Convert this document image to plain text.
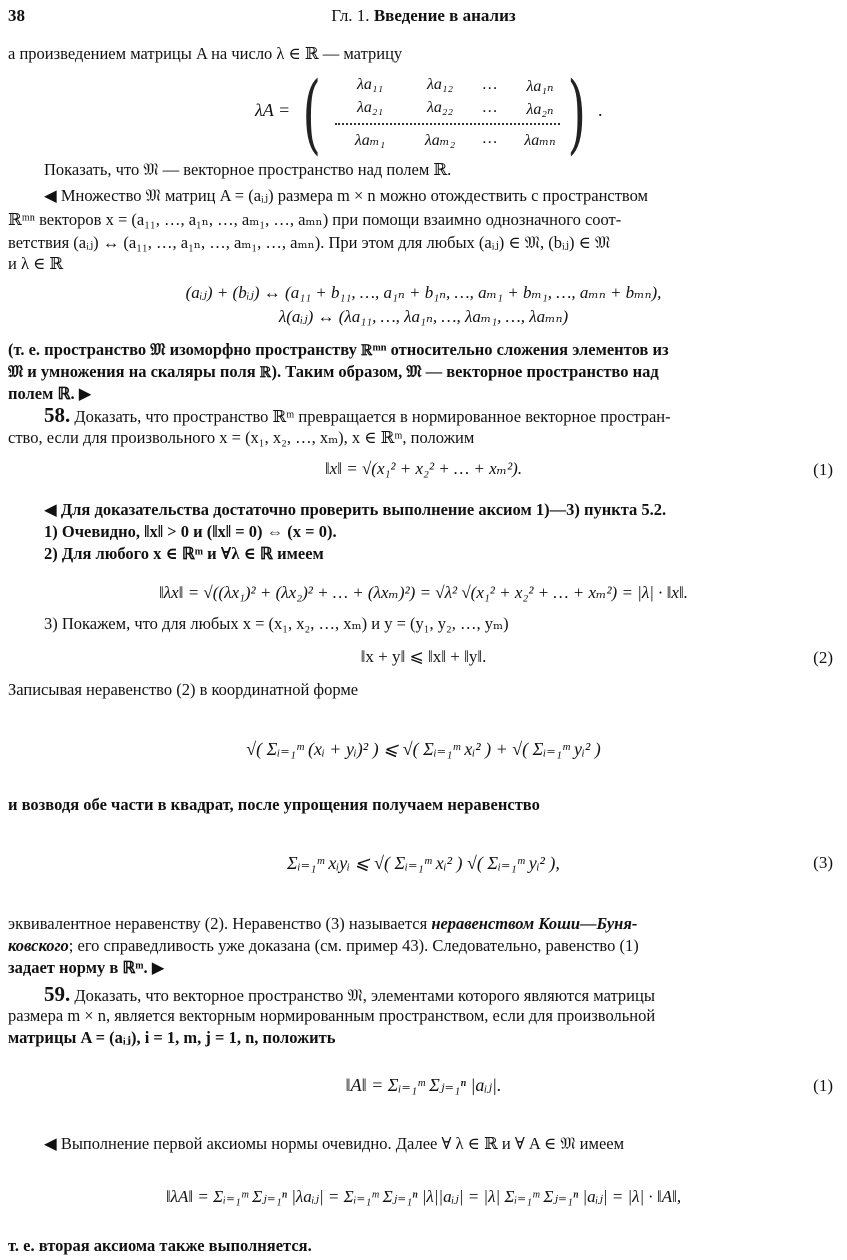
38	Гл. 1. Введение в анализ
а произведением матрицы A на число λ ∈ ℝ — матрицу
λA = (	λa₁₁	λa₁₂	…	λa₁ₙ
λa₂₁	λa₂₂	…	λa₂ₙ
λaₘ₁	λaₘ₂	…	λaₘₙ ) .
Показать, что 𝔐 — векторное пространство над полем ℝ.
◀ Множество 𝔐 матриц A = (aᵢⱼ) размера m × n можно отождествить с пространством
ℝᵐⁿ векторов x = (a₁₁, …, a₁ₙ, …, aₘ₁, …, aₘₙ) при помощи взаимно однозначного соот-
ветствия (aᵢⱼ) ↔ (a₁₁, …, a₁ₙ, …, aₘ₁, …, aₘₙ). При этом для любых (aᵢⱼ) ∈ 𝔐, (bᵢⱼ) ∈ 𝔐
и λ ∈ ℝ
(aᵢⱼ) + (bᵢⱼ) ↔ (a₁₁ + b₁₁, …, a₁ₙ + b₁ₙ, …, aₘ₁ + bₘ₁, …, aₘₙ + bₘₙ),
λ(aᵢⱼ) ↔ (λa₁₁, …, λa₁ₙ, …, λaₘ₁, …, λaₘₙ)
(т. е. пространство 𝔐 изоморфно пространству ℝᵐⁿ относительно сложения элементов из
𝔐 и умножения на скаляры поля ℝ). Таким образом, 𝔐 — векторное пространство над
полем ℝ. ▶
58. Доказать, что пространство ℝᵐ превращается в нормированное векторное простран-
ство, если для произвольного x = (x₁, x₂, …, xₘ), x ∈ ℝᵐ, положим
‖x‖ = √(x₁² + x₂² + … + xₘ²).	(1)
◀ Для доказательства достаточно проверить выполнение аксиом 1)—3) пункта 5.2.
1) Очевидно, ‖x‖ > 0 и (‖x‖ = 0) ⇔ (x = 0).
2) Для любого x ∈ ℝᵐ и ∀λ ∈ ℝ имеем
‖λx‖ = √((λx₁)² + (λx₂)² + … + (λxₘ)²) = √λ² √(x₁² + x₂² + … + xₘ²) = |λ| · ‖x‖.
3) Покажем, что для любых x = (x₁, x₂, …, xₘ) и y = (y₁, y₂, …, yₘ)
‖x + y‖ ⩽ ‖x‖ + ‖y‖.	(2)
Записывая неравенство (2) в координатной форме
√( Σᵢ₌₁ᵐ (xᵢ + yᵢ)² ) ⩽ √( Σᵢ₌₁ᵐ xᵢ² ) + √( Σᵢ₌₁ᵐ yᵢ² )
и возводя обе части в квадрат, после упрощения получаем неравенство
Σᵢ₌₁ᵐ xᵢyᵢ ⩽ √( Σᵢ₌₁ᵐ xᵢ² ) √( Σᵢ₌₁ᵐ yᵢ² ),	(3)
эквивалентное неравенству (2). Неравенство (3) называется неравенством Коши—Буня-
ковского; его справедливость уже доказана (см. пример 43). Следовательно, равенство (1)
задает норму в ℝᵐ. ▶
59. Доказать, что векторное пространство 𝔐, элементами которого являются матрицы
размера m × n, является векторным нормированным пространством, если для произвольной
матрицы A = (aᵢⱼ), i = 1, m, j = 1, n, положить
‖A‖ = Σᵢ₌₁ᵐ Σⱼ₌₁ⁿ |aᵢⱼ|.	(1)
◀ Выполнение первой аксиомы нормы очевидно. Далее ∀ λ ∈ ℝ и ∀ A ∈ 𝔐 имеем
‖λA‖ = Σᵢ₌₁ᵐ Σⱼ₌₁ⁿ |λaᵢⱼ| = Σᵢ₌₁ᵐ Σⱼ₌₁ⁿ |λ||aᵢⱼ| = |λ| Σᵢ₌₁ᵐ Σⱼ₌₁ⁿ |aᵢⱼ| = |λ| · ‖A‖,
т. е. вторая аксиома также выполняется.
